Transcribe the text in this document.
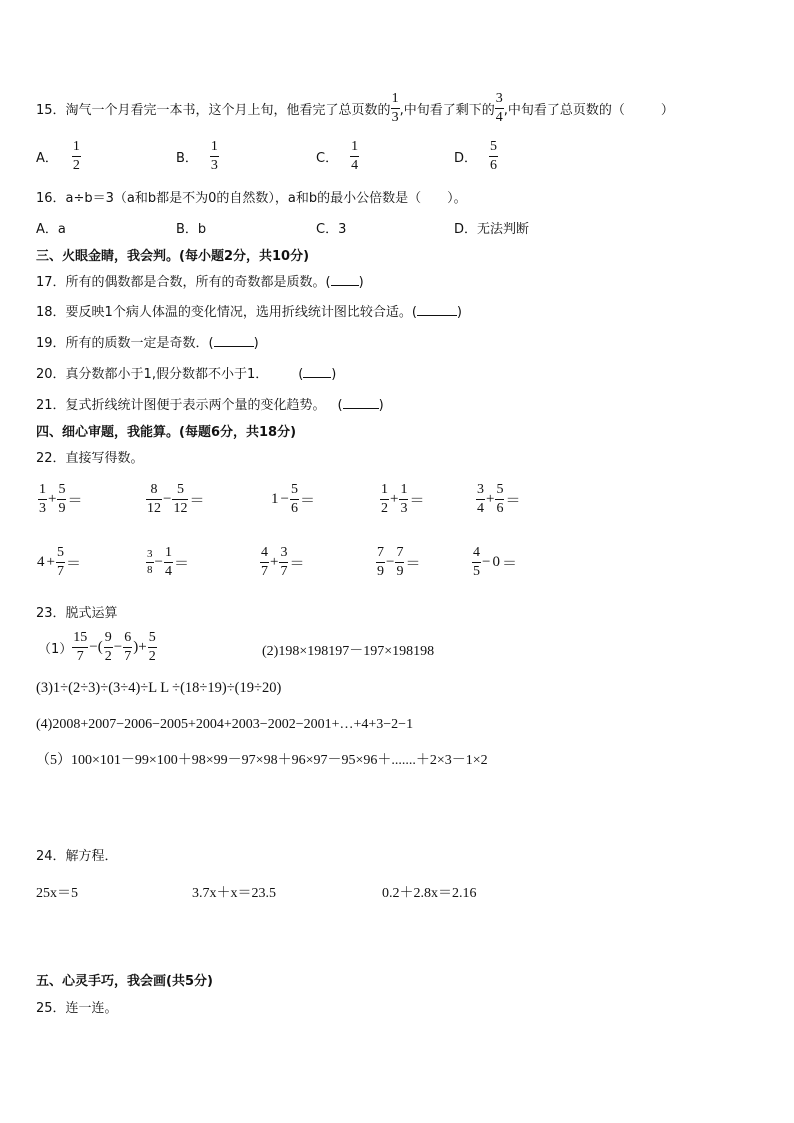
15． 淘气一个月看完一本书，这个月上旬，他看完了总页数的 $\frac{1}{3}$ ,中旬看了剩下的 $\frac{3}{4}$ ,中旬看了总页数的（	）
A． $\frac{1}{2}$	B． $\frac{1}{3}$	C． $\frac{1}{4}$	D． $\frac{5}{6}$
16．a÷b＝3（a和b都是不为0的自然数），a和b的最小公倍数是（　　）。
A．a	B．b	C．3	D．无法判断
三、火眼金睛，我会判。(每小题2分，共10分)
17．所有的偶数都是合数，所有的奇数都是质数。( )
18．要反映1个病人体温的变化情况，选用折线统计图比较合适。(	)
19．所有的质数一定是奇数．(	)
20．真分数都小于1,假分数都不小于1． ( )
21．复式折线统计图便于表示两个量的变化趋势。 (	)
四、细心审题，我能算。(每题6分，共18分)
22．直接写得数。
$\frac{1}{3} + \frac{5}{9}$ ＝	$\frac{8}{12} - \frac{5}{12}$ ＝	$1 - \frac{5}{6}$ ＝	$\frac{1}{2} + \frac{1}{3}$ ＝	$\frac{3}{4} + \frac{5}{6}$ ＝
$4 + \frac{5}{7}$ ＝	$\frac{3}{8} - \frac{1}{4}$ ＝	$\frac{4}{7} + \frac{3}{7}$ ＝	$\frac{7}{9} - \frac{7}{9}$ ＝	$\frac{4}{5} - 0$ ＝
23．脱式运算
$(1) \frac{15}{7}$ −( $\frac{9}{2} - \frac{6}{7}$ )+ $\frac{5}{2}$	(2)198×198197－197×198198
(3)1÷(2÷3)÷(3÷4)÷L L ÷(18÷19)÷(19÷20)
(4)2008+2007−2006−2005+2004+2003−2002−2001+…+4+3−2−1
（5）100×101－99×100＋98×99－97×98＋96×97－95×96＋.......＋2×3－1×2
24．解方程．
25x＝5	3.7x＋x＝23.5	0.2＋2.8x＝2.16
五、心灵手巧，我会画(共5分)
25．连一连。
